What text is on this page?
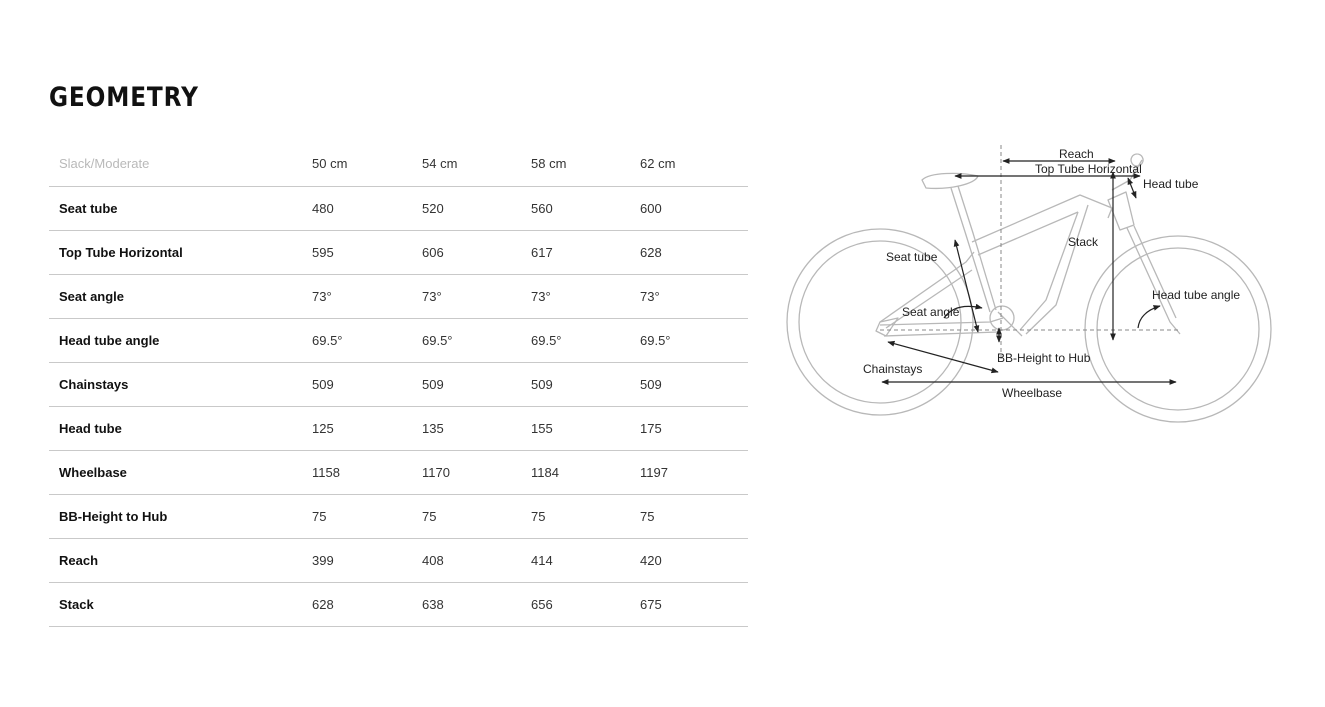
GEOMETRY
Slack/Moderate	50 cm	54 cm	58 cm	62 cm
Seat tube	480	520	560	600
Top Tube Horizontal	595	606	617	628
Seat angle	73°	73°	73°	73°
Head tube angle	69.5°	69.5°	69.5°	69.5°
Chainstays	509	509	509	509
Head tube	125	135	155	175
Wheelbase	1158	1170	1184	1197
BB-Height to Hub	75	75	75	75
Reach	399	408	414	420
Stack	628	638	656	675
Reach
Top Tube Horizontal
Head tube
Stack
Seat tube
Head tube angle
Seat angle
BB-Height to Hub
Chainstays
Wheelbase
